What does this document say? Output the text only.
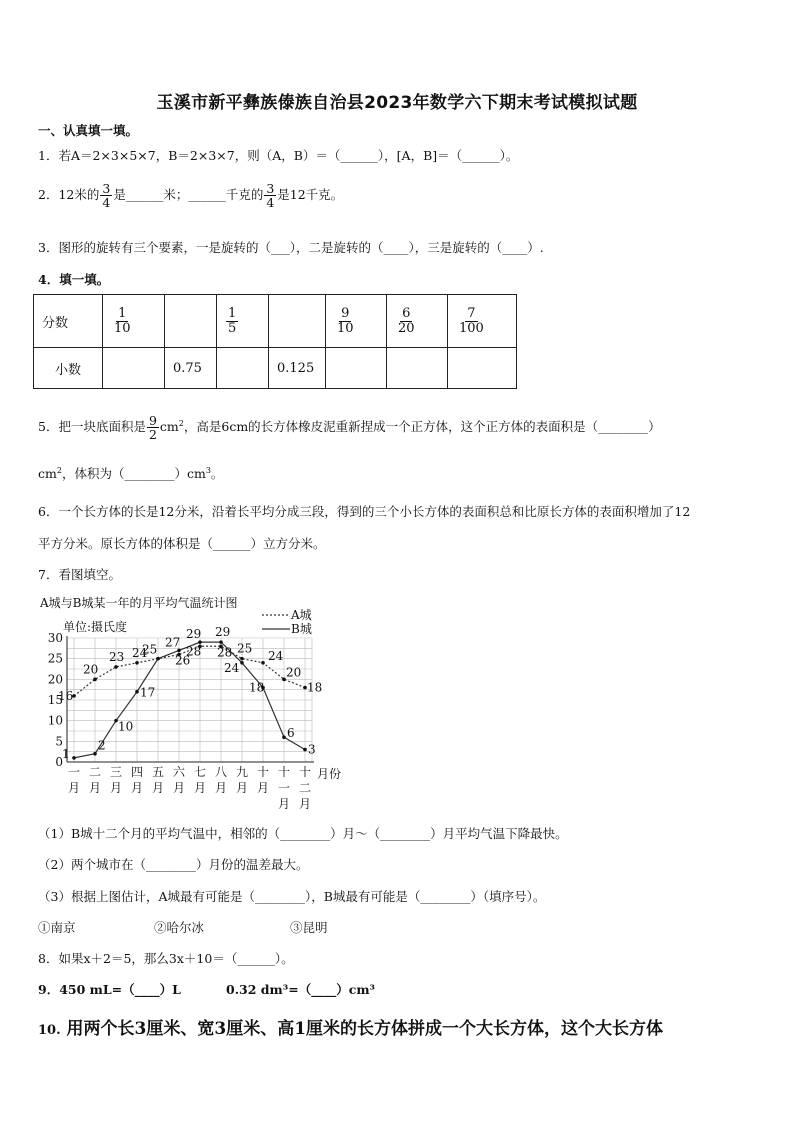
玉溪市新平彝族傣族自治县2023年数学六下期末考试模拟试题
一、认真填一填。
1．若A＝2×3×5×7，B＝2×3×7，则（A，B）＝（______），[A，B]＝（______）。
2．12米的 $\frac{3}{4}$ 是______米；______千克的 $\frac{3}{4}$ 是12千克。
3．图形的旋转有三个要素，一是旋转的（___），二是旋转的（____），三是旋转的（____）.
4．填一填。
分数	$\frac{1}{10}$		$\frac{1}{5}$		$\frac{9}{10}$	$\frac{6}{20}$	$\frac{7}{100}$

小数		0.75		0.125			
5．把一块底面积是 $\frac{9}{2} cm^2$，高是6cm的长方体橡皮泥重新捏成一个正方体，这个正方体的表面积是（________）
$cm^2$，体积为$(\_\_\_\_\_\_\_\_)cm^3$。
6．一个长方体的长是12分米，沿着长平均分成三段，得到的三个小长方体的表面积总和比原长方体的表面积增加了12
平方分米。原长方体的体积是（______）立方分米。
7．看图填空。
A城与B城某一年的月平均气温统计图
单位:摄氏度
A城
B城
0
5
10
15
20
25
30
16
20
23 24
25
26
28 28 25
24
20
18
1
2
10
17
27
29 29
24
18
6
3
一
月
二
月
三
月
四
月
五
月
六
月
七
月
八
月
九
月
十
月
十
一
月
十
二
月
月份
（1）B城十二个月的平均气温中，相邻的（________）月～（________）月平均气温下降最快。
（2）两个城市在（________）月份的温差最大。
（3）根据上图估计，A城最有可能是（________），B城最有可能是（________）（填序号）。
①南京	②哈尔冰	③昆明
8．如果x＋2＝5，那么3x＋10＝（______）。
9．450 mL=（____）L	0.32 dm³=（____）cm³
10. 用两个长3厘米、宽3厘米、高1厘米的长方体拼成一个大长方体，这个大长方体
